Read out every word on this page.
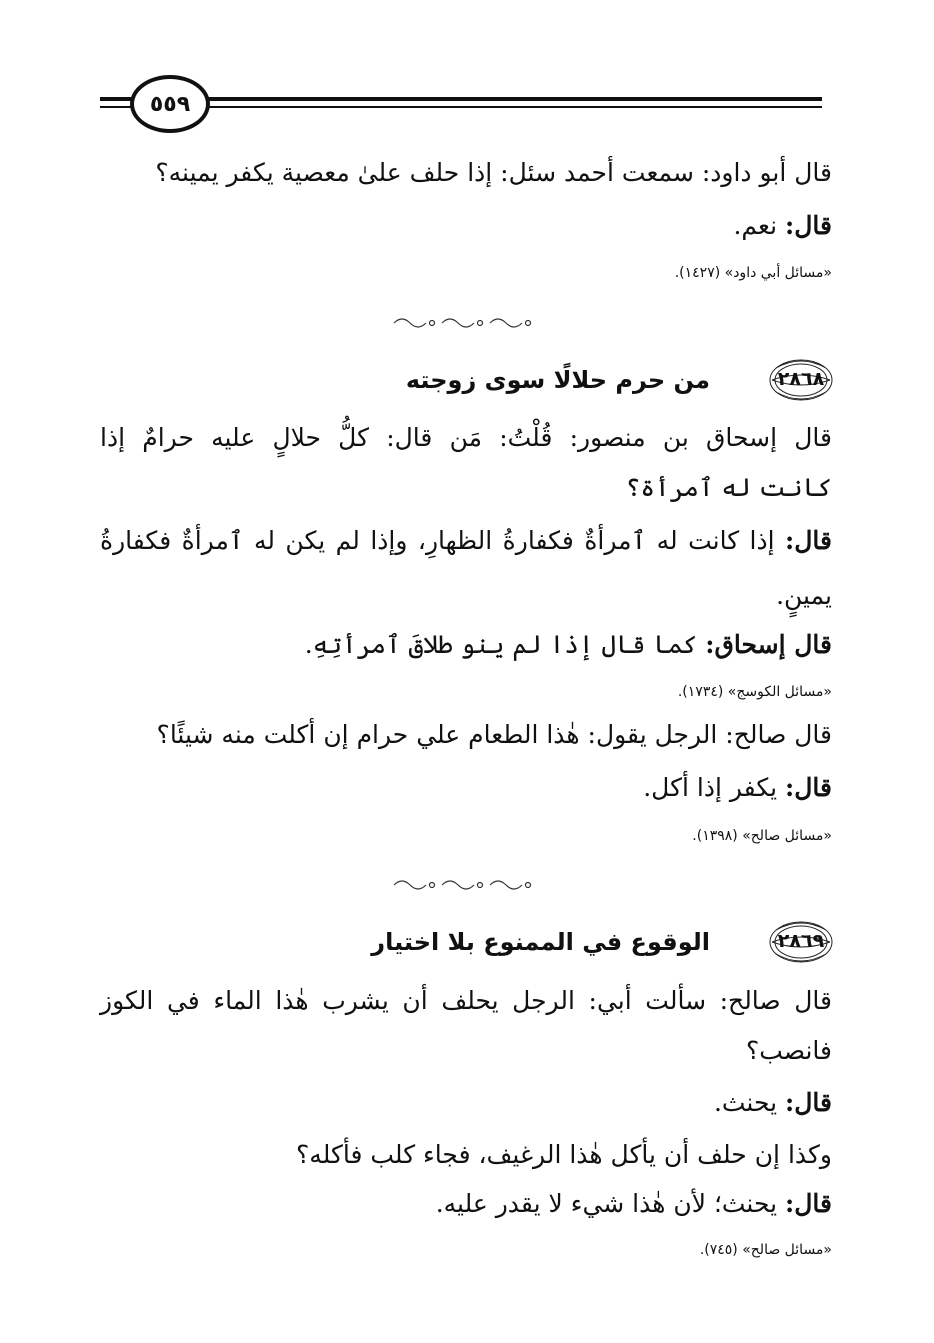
٥٥٩
قال أبو داود: سمعت أحمد سئل: إذا حلف علىٰ معصية يكفر يمينه؟
قال: نعم.
«مسائل أبي داود» (١٤٢٧).
٢٨٦٨
من حرم حلالًا سوى زوجته
قال إسحاق بن منصور: قُلْتُ: مَن قال: كلُّ حلالٍ عليه حرامٌ إذا
كانت له ٱمرأة؟
قال: إذا كانت له ٱمرأةٌ فكفارةُ الظهارِ، وإذا لم يكن له ٱمرأةٌ فكفارةُ
يمينٍ.
قال إسحاق: كما قال إذا لم ينو طلاقَ ٱمرأتِهِ.
«مسائل الكوسج» (١٧٣٤).
قال صالح: الرجل يقول: هٰذا الطعام علي حرام إن أكلت منه شيئًا؟
قال: يكفر إذا أكل.
«مسائل صالح» (١٣٩٨).
٢٨٦٩
الوقوع في الممنوع بلا اختيار
قال صالح: سألت أبي: الرجل يحلف أن يشرب هٰذا الماء في الكوز
فانصب؟
قال: يحنث.
وكذا إن حلف أن يأكل هٰذا الرغيف، فجاء كلب فأكله؟
قال: يحنث؛ لأن هٰذا شيء لا يقدر عليه.
«مسائل صالح» (٧٤٥).
